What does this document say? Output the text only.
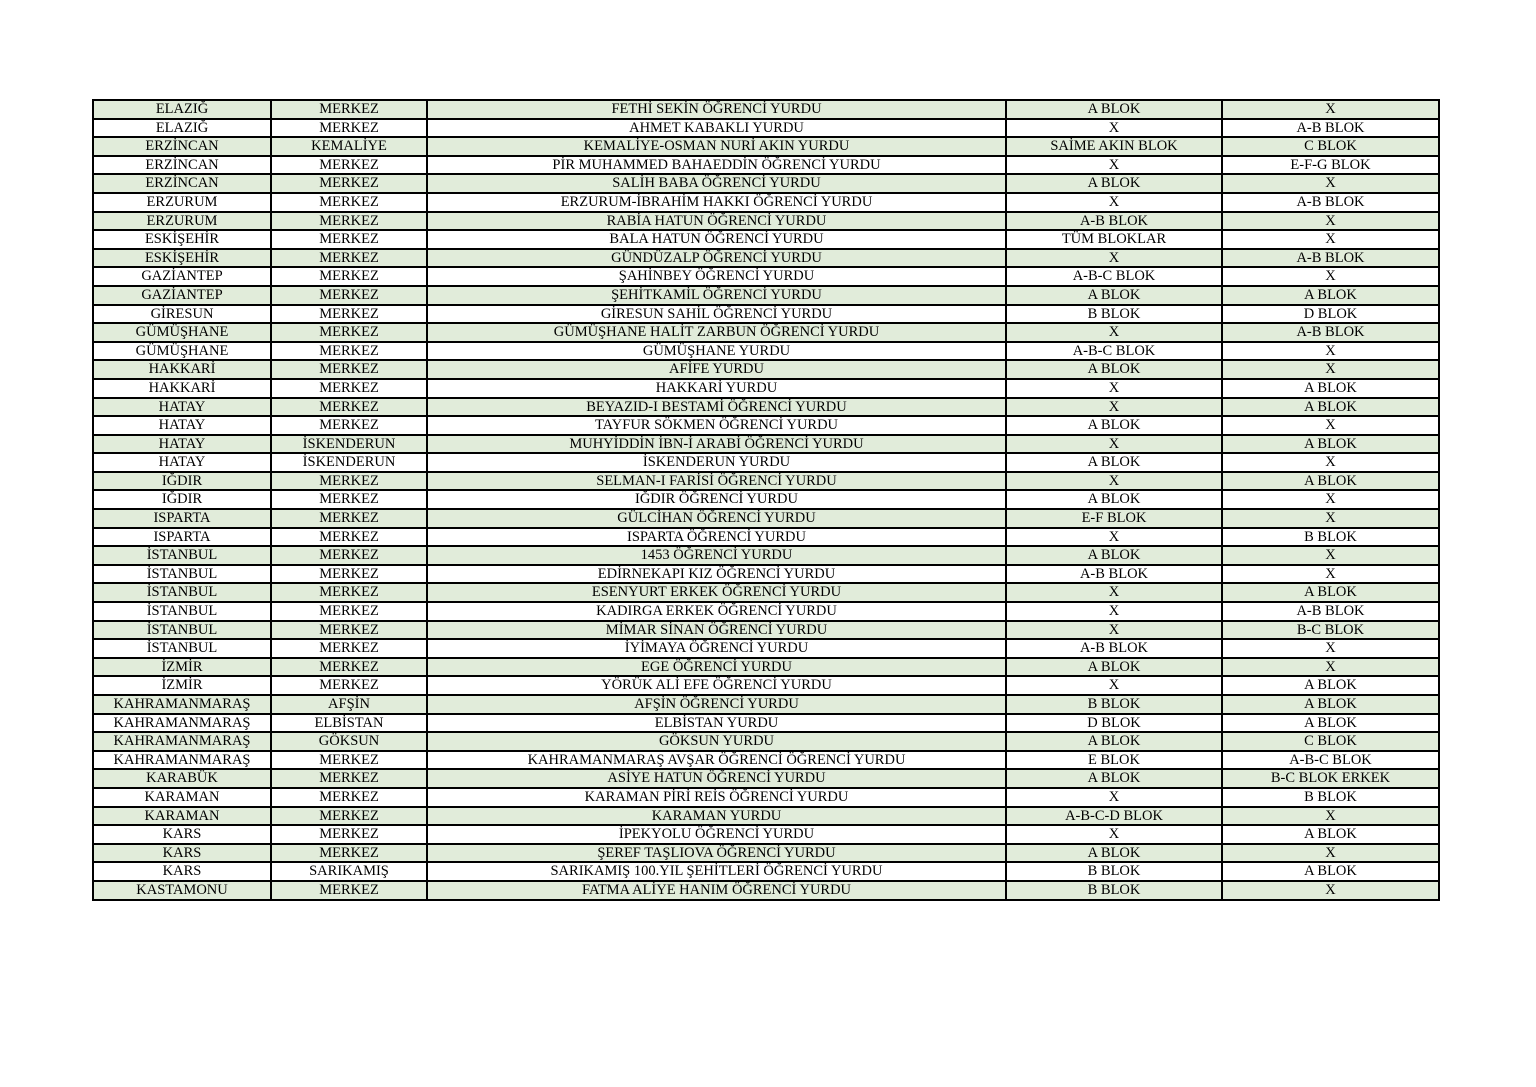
ELAZIĞ	MERKEZ	FETHİ SEKİN ÖĞRENCİ YURDU	A BLOK	X
ELAZIĞ	MERKEZ	AHMET KABAKLI YURDU	X	A-B BLOK
ERZİNCAN	KEMALİYE	KEMALİYE-OSMAN NURİ AKIN YURDU	SAİME AKIN BLOK	C BLOK
ERZİNCAN	MERKEZ	PİR MUHAMMED BAHAEDDİN ÖĞRENCİ YURDU	X	E-F-G BLOK
ERZİNCAN	MERKEZ	SALİH BABA ÖĞRENCİ YURDU	A BLOK	X
ERZURUM	MERKEZ	ERZURUM-İBRAHİM HAKKI ÖĞRENCİ YURDU	X	A-B BLOK
ERZURUM	MERKEZ	RABİA HATUN ÖĞRENCİ YURDU	A-B BLOK	X
ESKİŞEHİR	MERKEZ	BALA HATUN ÖĞRENCİ YURDU	TÜM BLOKLAR	X
ESKİŞEHİR	MERKEZ	GÜNDÜZALP ÖĞRENCİ YURDU	X	A-B BLOK
GAZİANTEP	MERKEZ	ŞAHİNBEY ÖĞRENCİ YURDU	A-B-C BLOK	X
GAZİANTEP	MERKEZ	ŞEHİTKAMİL ÖĞRENCİ YURDU	A BLOK	A BLOK
GİRESUN	MERKEZ	GİRESUN SAHİL ÖĞRENCİ YURDU	B BLOK	D BLOK
GÜMÜŞHANE	MERKEZ	GÜMÜŞHANE HALİT ZARBUN ÖĞRENCİ YURDU	X	A-B BLOK
GÜMÜŞHANE	MERKEZ	GÜMÜŞHANE YURDU	A-B-C BLOK	X
HAKKARİ	MERKEZ	AFİFE YURDU	A BLOK	X
HAKKARİ	MERKEZ	HAKKARİ YURDU	X	A BLOK
HATAY	MERKEZ	BEYAZID-I BESTAMİ ÖĞRENCİ YURDU	X	A BLOK
HATAY	MERKEZ	TAYFUR SÖKMEN ÖĞRENCİ YURDU	A BLOK	X
HATAY	İSKENDERUN	MUHYİDDİN İBN-İ ARABİ ÖĞRENCİ YURDU	X	A BLOK
HATAY	İSKENDERUN	İSKENDERUN YURDU	A BLOK	X
IĞDIR	MERKEZ	SELMAN-I FARİSİ ÖĞRENCİ YURDU	X	A BLOK
IĞDIR	MERKEZ	IĞDIR ÖĞRENCİ YURDU	A BLOK	X
ISPARTA	MERKEZ	GÜLCİHAN ÖĞRENCİ YURDU	E-F BLOK	X
ISPARTA	MERKEZ	ISPARTA ÖĞRENCİ YURDU	X	B BLOK
İSTANBUL	MERKEZ	1453 ÖĞRENCİ YURDU	A BLOK	X
İSTANBUL	MERKEZ	EDİRNEKAPI KIZ ÖĞRENCİ YURDU	A-B BLOK	X
İSTANBUL	MERKEZ	ESENYURT ERKEK ÖĞRENCİ YURDU	X	A BLOK
İSTANBUL	MERKEZ	KADIRGA ERKEK ÖĞRENCİ YURDU	X	A-B BLOK
İSTANBUL	MERKEZ	MİMAR SİNAN ÖĞRENCİ YURDU	X	B-C BLOK
İSTANBUL	MERKEZ	İYİMAYA ÖĞRENCİ YURDU	A-B BLOK	X
İZMİR	MERKEZ	EGE ÖĞRENCİ YURDU	A BLOK	X
İZMİR	MERKEZ	YÖRÜK ALİ EFE ÖĞRENCİ YURDU	X	A BLOK
KAHRAMANMARAŞ	AFŞİN	AFŞİN ÖĞRENCİ YURDU	B BLOK	A BLOK
KAHRAMANMARAŞ	ELBİSTAN	ELBİSTAN YURDU	D BLOK	A BLOK
KAHRAMANMARAŞ	GÖKSUN	GÖKSUN YURDU	A BLOK	C BLOK
KAHRAMANMARAŞ	MERKEZ	KAHRAMANMARAŞ AVŞAR ÖĞRENCİ ÖĞRENCİ YURDU	E BLOK	A-B-C BLOK
KARABÜK	MERKEZ	ASİYE HATUN ÖĞRENCİ YURDU	A BLOK	B-C BLOK ERKEK
KARAMAN	MERKEZ	KARAMAN PİRİ REİS ÖĞRENCİ YURDU	X	B BLOK
KARAMAN	MERKEZ	KARAMAN YURDU	A-B-C-D BLOK	X
KARS	MERKEZ	İPEKYOLU ÖĞRENCİ YURDU	X	A BLOK
KARS	MERKEZ	ŞEREF TAŞLIOVA ÖĞRENCİ YURDU	A BLOK	X
KARS	SARIKAMIŞ	SARIKAMIŞ 100.YIL ŞEHİTLERİ ÖĞRENCİ YURDU	B BLOK	A BLOK
KASTAMONU	MERKEZ	FATMA ALİYE HANIM ÖĞRENCİ YURDU	B BLOK	X
